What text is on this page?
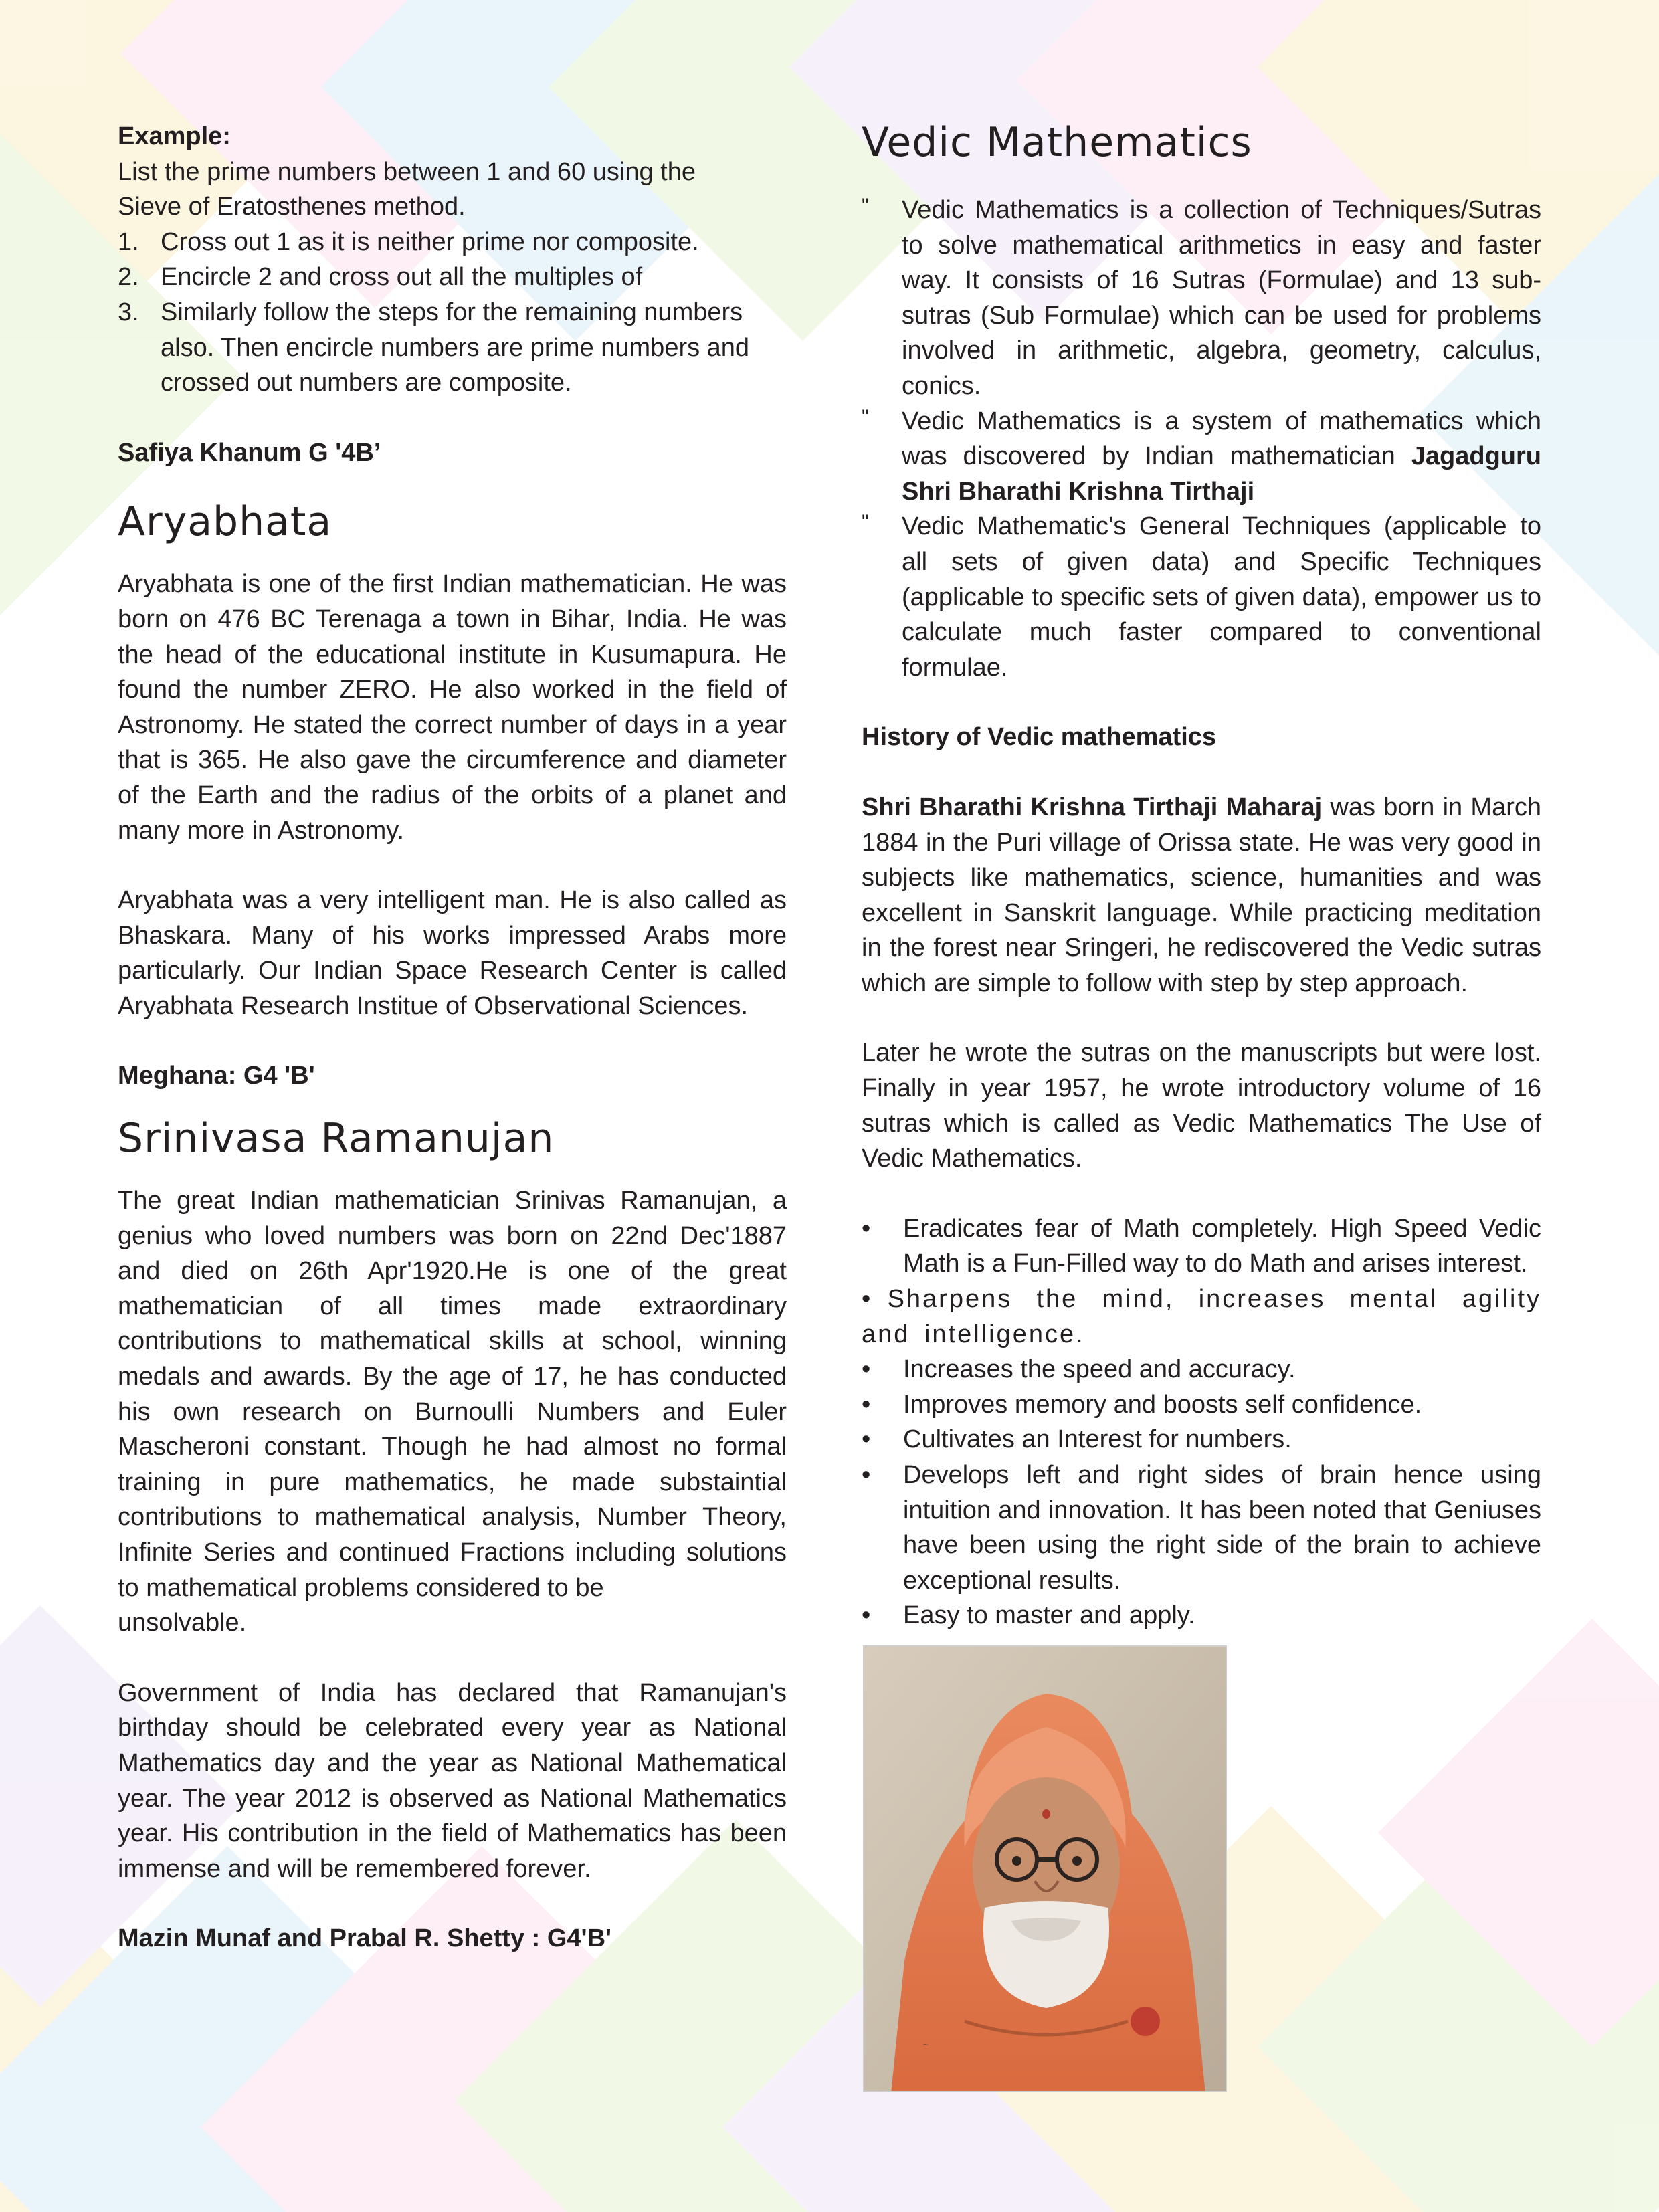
Example:
List the prime numbers between 1 and 60 using the
Sieve of Eratosthenes method.
1. Cross out 1 as it is neither prime nor composite.
2. Encircle 2 and cross out all the multiples of
3. Similarly follow the steps for the remaining numbers also. Then encircle numbers are prime numbers and crossed out numbers are composite.
Safiya Khanum G '4B’
Aryabhata

Aryabhata is one of the first Indian mathematician. He was born on 476 BC Terenaga a town in Bihar, India. He was the head of the educational institute in Kusumapura. He found the number ZERO. He also worked in the field of Astronomy. He stated the correct number of days in a year that is 365. He also gave the circumference and diameter of the Earth and the radius of the orbits of a planet and many more in Astronomy.

Aryabhata was a very intelligent man. He is also called as Bhaskara. Many of his works impressed Arabs more particularly. Our Indian Space Research Center is called Aryabhata Research Institue of Observational Sciences.

Meghana: G4 'B'
Srinivasa Ramanujan

The great Indian mathematician Srinivas Ramanujan, a genius who loved numbers was born on 22nd Dec'1887 and died on 26th Apr'1920.He is one of the great mathematician of all times made extraordinary contributions to mathematical skills at school, winning medals and awards. By the age of 17, he has conducted his own research on Burnoulli Numbers and Euler Mascheroni constant. Though he had almost no formal training in pure mathematics, he made substaintial contributions to mathematical analysis, Number Theory, Infinite Series and continued Fractions including solutions to mathematical problems considered to be
unsolvable.

Government of India has declared that Ramanujan's birthday should be celebrated every year as National Mathematics day and the year as National Mathematical year. The year 2012 is observed as National Mathematics year. His contribution in the field of Mathematics has been immense and will be remembered forever.

Mazin Munaf and Prabal R. Shetty : G4'B'
Vedic Mathematics
"	Vedic Mathematics is a collection of Techniques/Sutras to solve mathematical arithmetics in easy and faster way. It consists of 16 Sutras (Formulae) and 13 sub-sutras (Sub Formulae) which can be used for problems involved in arithmetic, algebra, geometry, calculus, conics.
"	Vedic Mathematics is a system of mathematics which was discovered by Indian mathematician Jagadguru Shri Bharathi Krishna Tirthaji
"	Vedic Mathematic's General Techniques (applicable to all sets of given data) and Specific Techniques (applicable to specific sets of given data), empower us to calculate much faster compared to conventional formulae.
History of Vedic mathematics

Shri Bharathi Krishna Tirthaji Maharaj was born in March 1884 in the Puri village of Orissa state. He was very good in subjects like mathematics, science, humanities and was excellent in Sanskrit language. While practicing meditation in the forest near Sringeri, he rediscovered the Vedic sutras which are simple to follow with step by step approach.

Later he wrote the sutras on the manuscripts but were lost. Finally in year 1957, he wrote introductory volume of 16 sutras which is called as Vedic Mathematics The Use of Vedic Mathematics.

•	Eradicates fear of Math completely. High Speed Vedic Math is a Fun-Filled way to do Math and arises interest.
• Sharpens the mind, increases mental agility and intelligence.
•	Increases the speed and accuracy.
•	Improves memory and boosts self confidence.
•	Cultivates an Interest for numbers.
•	Develops left and right sides of brain hence using intuition and innovation. It has been noted that Geniuses have been using the right side of the brain to achieve exceptional results.
•	Easy to master and apply.
~
